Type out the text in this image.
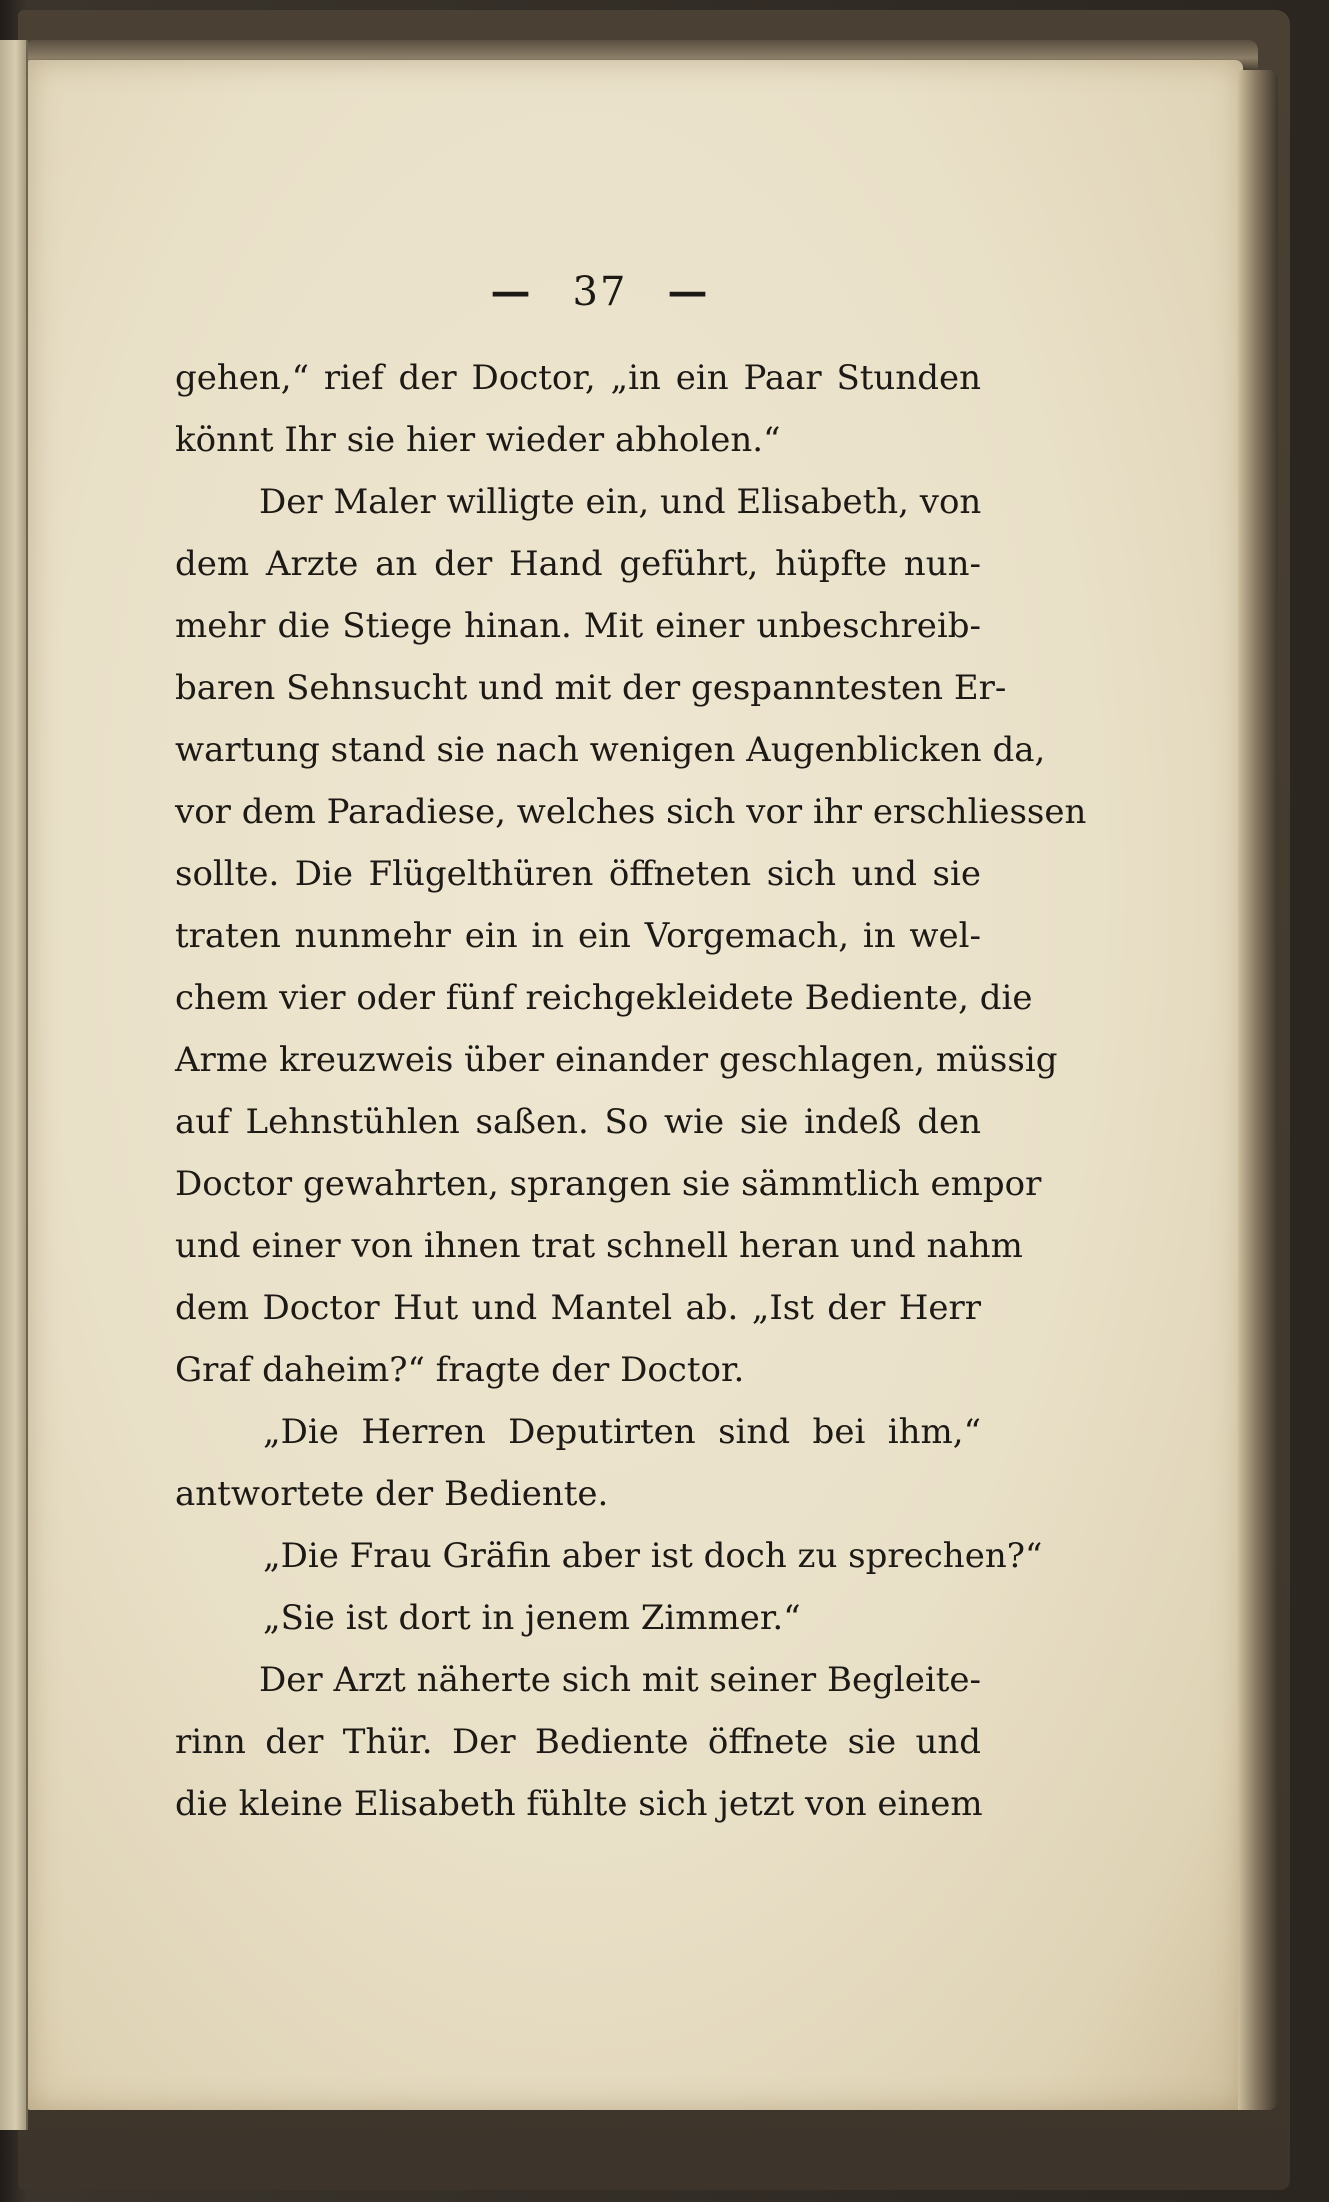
— 37 —
gehen,“ rief der Doctor, „in ein Paar Stunden
könnt Ihr sie hier wieder abholen.“
Der Maler willigte ein, und Elisabeth, von
dem Arzte an der Hand geführt, hüpfte nun-
mehr die Stiege hinan. Mit einer unbeschreib-
baren Sehnsucht und mit der gespanntesten Er-
wartung stand sie nach wenigen Augenblicken da,
vor dem Paradiese, welches sich vor ihr erschliessen
sollte. Die Flügelthüren öffneten sich und sie
traten nunmehr ein in ein Vorgemach, in wel-
chem vier oder fünf reichgekleidete Bediente, die
Arme kreuzweis über einander geschlagen, müssig
auf Lehnstühlen saßen. So wie sie indeß den
Doctor gewahrten, sprangen sie sämmtlich empor
und einer von ihnen trat schnell heran und nahm
dem Doctor Hut und Mantel ab. „Ist der Herr
Graf daheim?“ fragte der Doctor.
„Die Herren Deputirten sind bei ihm,“
antwortete der Bediente.
„Die Frau Gräfin aber ist doch zu sprechen?“
„Sie ist dort in jenem Zimmer.“
Der Arzt näherte sich mit seiner Begleite-
rinn der Thür. Der Bediente öffnete sie und
die kleine Elisabeth fühlte sich jetzt von einem
